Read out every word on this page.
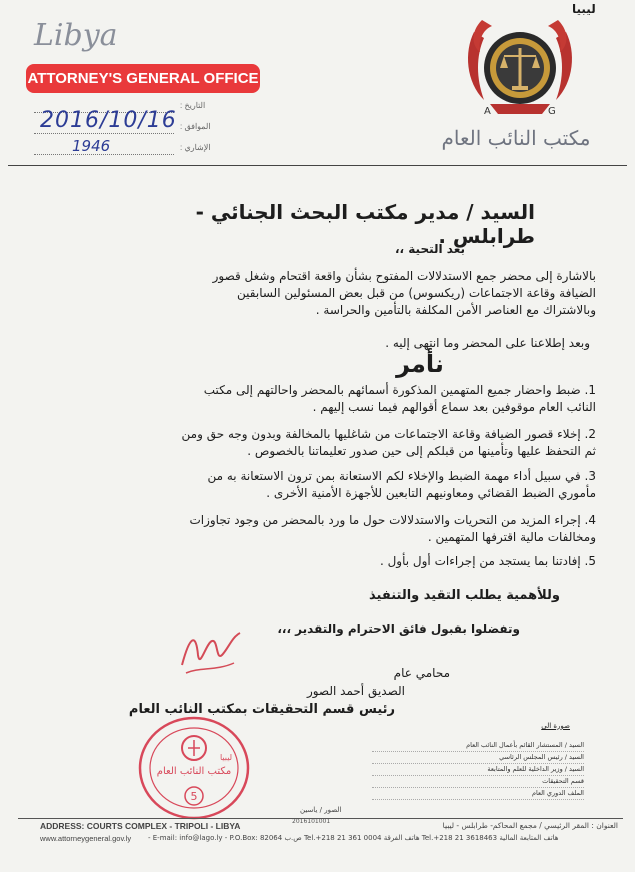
Libya
ATTORNEY'S GENERAL OFFICE
التاريخ :
الموافق :
الإشاري :
2016/10/16
1946
ليبيا
A	G
مكتب النائب العام
السيد / مدير مكتب البحث الجنائي - طرابلس .
بعد التحية ،،
بالاشارة إلى محضر جمع الاستدلالات المفتوح بشأن واقعة اقتحام وشغل قصور
الضيافة وقاعة الاجتماعات (ريكسوس) من قبل بعض المسئولين السابقين
وبالاشتراك مع العناصر الأمن المكلفة بالتأمين والحراسة .
وبعد إطلاعنا على المحضر وما انتهى إليه .
نأمر
1. ضبط واحضار جميع المتهمين المذكورة أسمائهم بالمحضر واحالتهم إلى مكتب
النائب العام موقوفين بعد سماع أقوالهم فيما نسب إليهم .
2. إخلاء قصور الضيافة وقاعة الاجتماعات من شاغليها بالمخالفة وبدون وجه حق ومن
ثم التحفظ عليها وتأمينها من قبلكم إلى حين صدور تعليماتنا بالخصوص .
3. في سبيل أداء مهمة الضبط والإخلاء لكم الاستعانة بمن ترون الاستعانة به من
مأموري الضبط القضائي ومعاونيهم التابعين للأجهزة الأمنية الأخرى .
4. إجراء المزيد من التحريات والاستدلالات حول ما ورد بالمحضر من وجود تجاوزات
ومخالفات مالية اقترفها المتهمين .
5. إفادتنا بما يستجد من إجراءات أول بأول .
وللأهمية يطلب التقيد والتنفيذ
وتفضلوا بقبول فائق الاحترام والتقدير ،،،
محامي عام
الصديق أحمد الصور
رئيس قسم التحقيقات بمكتب النائب العام
مكتب النائب العام
ليبيا
5
صورة الى
السيد / المستشار القائم بأعمال النائب العام
السيد / رئيس المجلس الرئاسي
السيد / وزير الداخلية للعلم والمتابعة
قسم التحقيقات
الملف الدوري العام
الصور / ياسين
2016101001
ADDRESS: COURTS COMPLEX - TRIPOLI - LIBYA	العنوان : المقر الرئيسي / مجمع المحاكم- طرابلس - ليبيا
www.attorneygeneral.gov.ly - E-mail: info@lago.ly - P.O.Box: 82064 ص.ب Tel.+218 21 361 0004 هاتف الفرقة Tel.+218 21 3618463 هاتف المتابعة المالية
